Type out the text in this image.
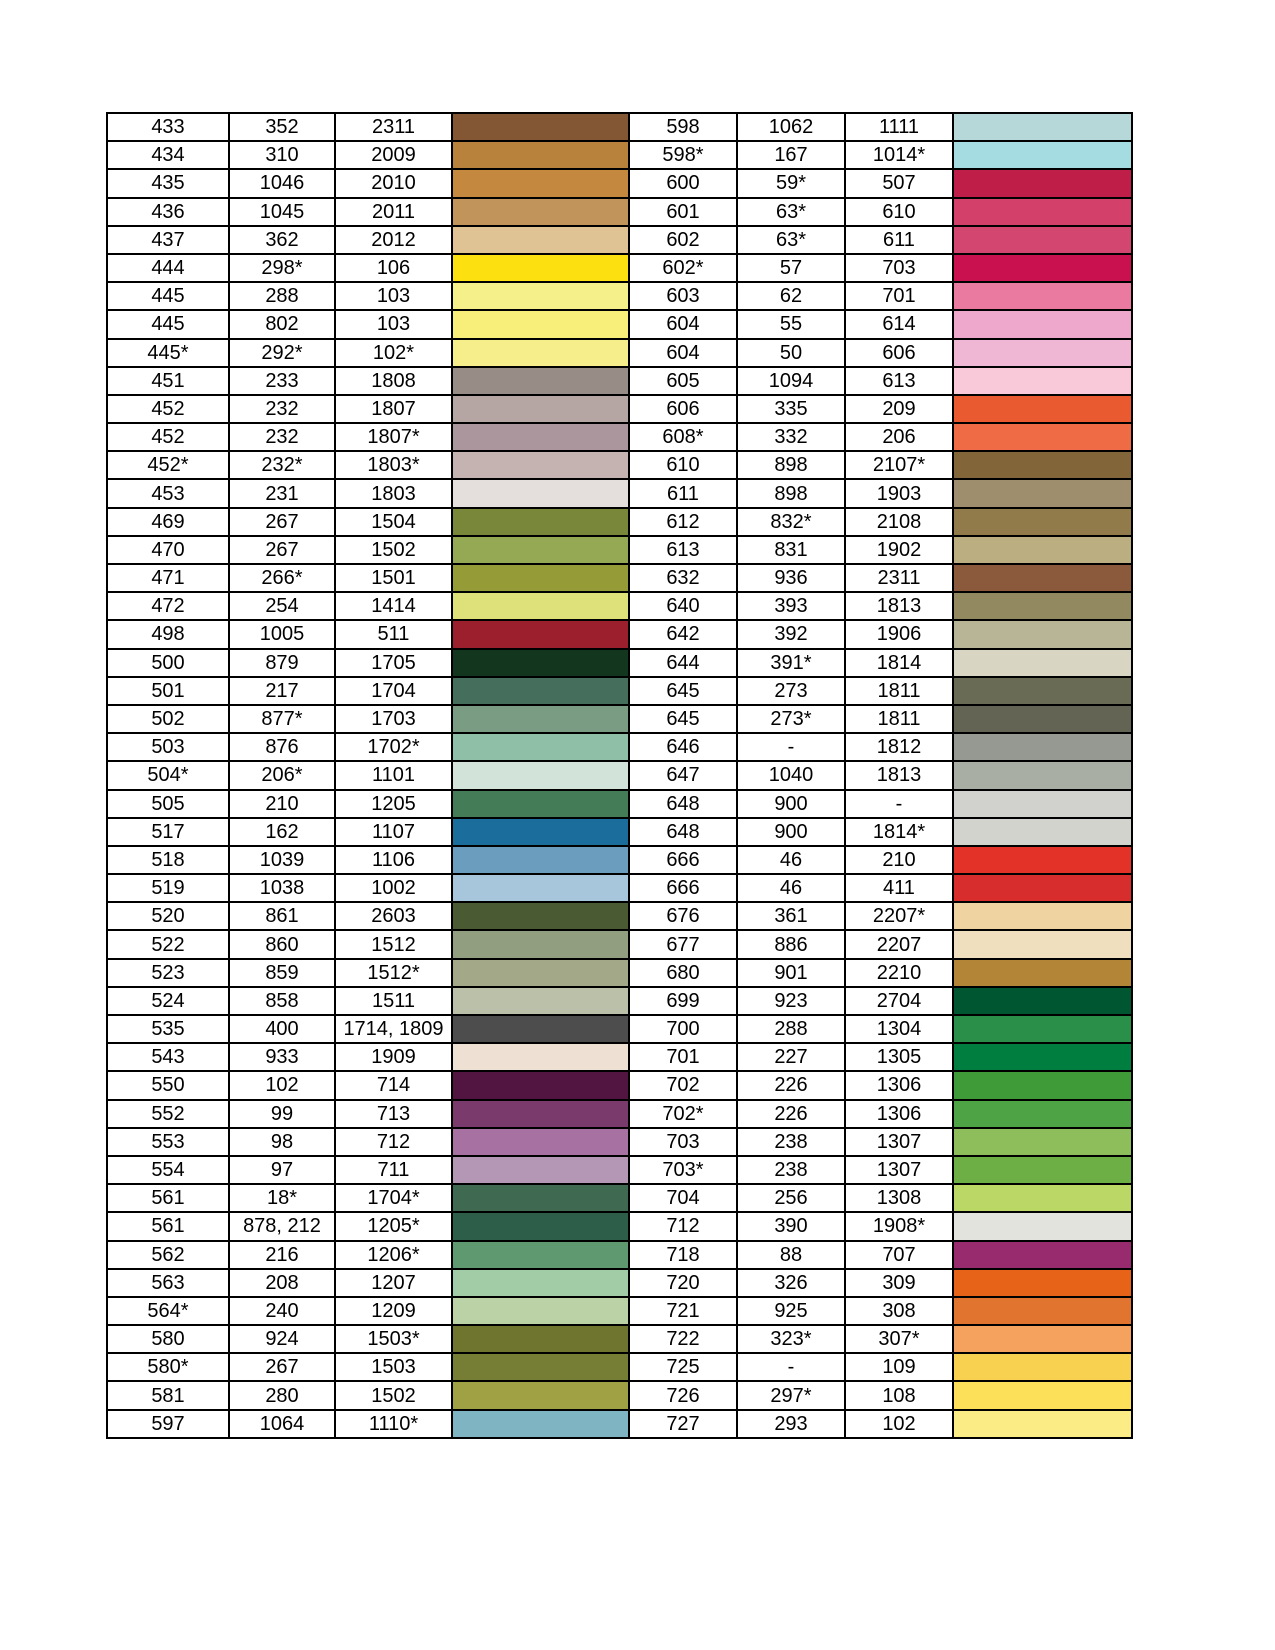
433	352	2311		598	1062	1111	
434	310	2009		598*	167	1014*	
435	1046	2010		600	59*	507	
436	1045	2011		601	63*	610	
437	362	2012		602	63*	611	
444	298*	106		602*	57	703	
445	288	103		603	62	701	
445	802	103		604	55	614	
445*	292*	102*		604	50	606	
451	233	1808		605	1094	613	
452	232	1807		606	335	209	
452	232	1807*		608*	332	206	
452*	232*	1803*		610	898	2107*	
453	231	1803		611	898	1903	
469	267	1504		612	832*	2108	
470	267	1502		613	831	1902	
471	266*	1501		632	936	2311	
472	254	1414		640	393	1813	
498	1005	511		642	392	1906	
500	879	1705		644	391*	1814	
501	217	1704		645	273	1811	
502	877*	1703		645	273*	1811	
503	876	1702*		646	-	1812	
504*	206*	1101		647	1040	1813	
505	210	1205		648	900	-	
517	162	1107		648	900	1814*	
518	1039	1106		666	46	210	
519	1038	1002		666	46	411	
520	861	2603		676	361	2207*	
522	860	1512		677	886	2207	
523	859	1512*		680	901	2210	
524	858	1511		699	923	2704	
535	400	1714, 1809		700	288	1304	
543	933	1909		701	227	1305	
550	102	714		702	226	1306	
552	99	713		702*	226	1306	
553	98	712		703	238	1307	
554	97	711		703*	238	1307	
561	18*	1704*		704	256	1308	
561	878, 212	1205*		712	390	1908*	
562	216	1206*		718	88	707	
563	208	1207		720	326	309	
564*	240	1209		721	925	308	
580	924	1503*		722	323*	307*	
580*	267	1503		725	-	109	
581	280	1502		726	297*	108	
597	1064	1110*		727	293	102	
